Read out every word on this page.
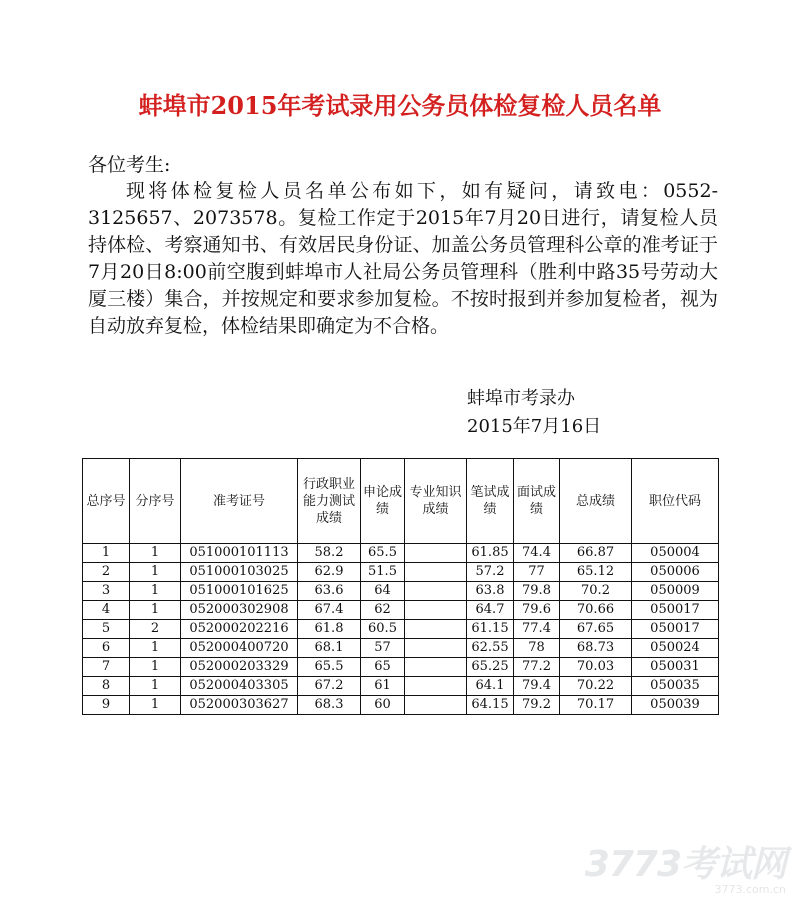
蚌埠市2015年考试录用公务员体检复检人员名单
各位考生:
现将体检复检人员名单公布如下，如有疑问，请致电：0552-3125657、2073578。复检工作定于2015年7月20日进行，请复检人员持体检、考察通知书、有效居民身份证、加盖公务员管理科公章的准考证于7月20日8:00前空腹到蚌埠市人社局公务员管理科（胜利中路35号劳动大厦三楼）集合，并按规定和要求参加复检。不按时报到并参加复检者，视为自动放弃复检，体检结果即确定为不合格。
蚌埠市考录办
2015年7月16日
总序号	分序号	准考证号	行政职业能力测试成绩	申论成绩	专业知识成绩	笔试成绩	面试成绩	总成绩	职位代码
1	1	051000101113	58.2	65.5		61.85	74.4	66.87	050004
2	1	051000103025	62.9	51.5		57.2	77	65.12	050006
3	1	051000101625	63.6	64		63.8	79.8	70.2	050009
4	1	052000302908	67.4	62		64.7	79.6	70.66	050017
5	2	052000202216	61.8	60.5		61.15	77.4	67.65	050017
6	1	052000400720	68.1	57		62.55	78	68.73	050024
7	1	052000203329	65.5	65		65.25	77.2	70.03	050031
8	1	052000403305	67.2	61		64.1	79.4	70.22	050035
9	1	052000303627	68.3	60		64.15	79.2	70.17	050039
3773考试网
3773.com.cn
